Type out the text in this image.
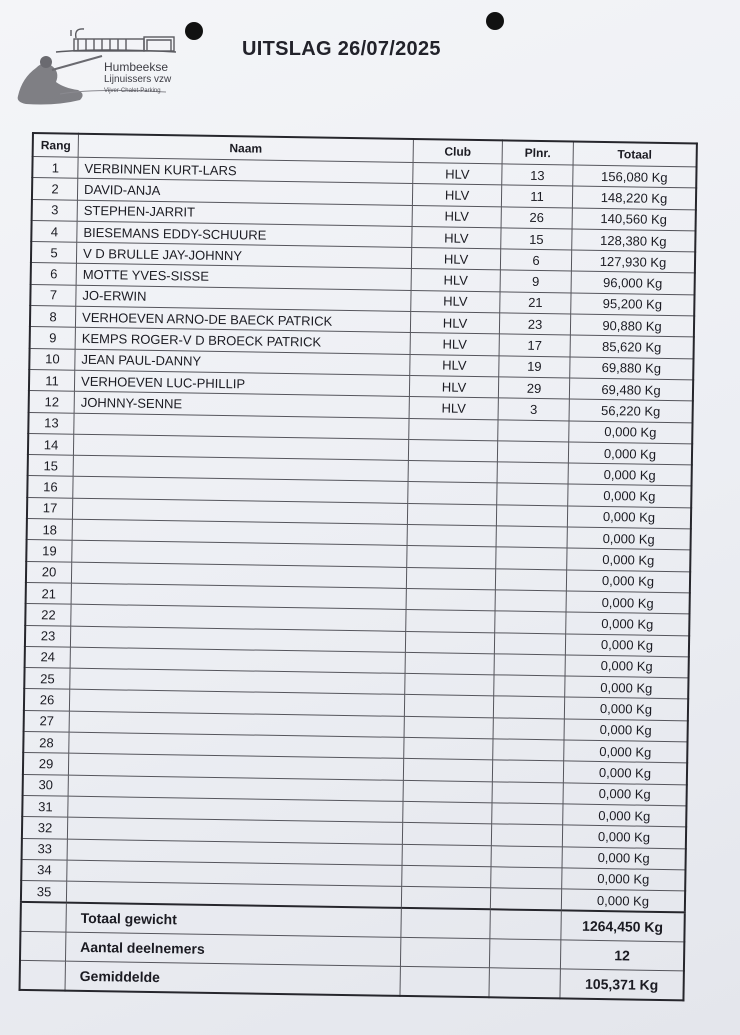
Humbeekse
Lijnuissers vzw
Vijver-Chalet-Parking
UITSLAG 26/07/2025
Rang	Naam	Club	Plnr.	Totaal
1	VERBINNEN KURT-LARS	HLV	13	156,080 Kg
2	DAVID-ANJA	HLV	11	148,220 Kg
3	STEPHEN-JARRIT	HLV	26	140,560 Kg
4	BIESEMANS EDDY-SCHUURE	HLV	15	128,380 Kg
5	V D BRULLE JAY-JOHNNY	HLV	6	127,930 Kg
6	MOTTE YVES-SISSE	HLV	9	96,000 Kg
7	JO-ERWIN	HLV	21	95,200 Kg
8	VERHOEVEN ARNO-DE BAECK PATRICK	HLV	23	90,880 Kg
9	KEMPS ROGER-V D BROECK PATRICK	HLV	17	85,620 Kg
10	JEAN PAUL-DANNY	HLV	19	69,880 Kg
11	VERHOEVEN LUC-PHILLIP	HLV	29	69,480 Kg
12	JOHNNY-SENNE	HLV	3	56,220 Kg
13				0,000 Kg
14				0,000 Kg
15				0,000 Kg
16				0,000 Kg
17				0,000 Kg
18				0,000 Kg
19				0,000 Kg
20				0,000 Kg
21				0,000 Kg
22				0,000 Kg
23				0,000 Kg
24				0,000 Kg
25				0,000 Kg
26				0,000 Kg
27				0,000 Kg
28				0,000 Kg
29				0,000 Kg
30				0,000 Kg
31				0,000 Kg
32				0,000 Kg
33				0,000 Kg
34				0,000 Kg
35				0,000 Kg
	Totaal gewicht			1264,450 Kg
	Aantal deelnemers			12
	Gemiddelde			105,371 Kg
